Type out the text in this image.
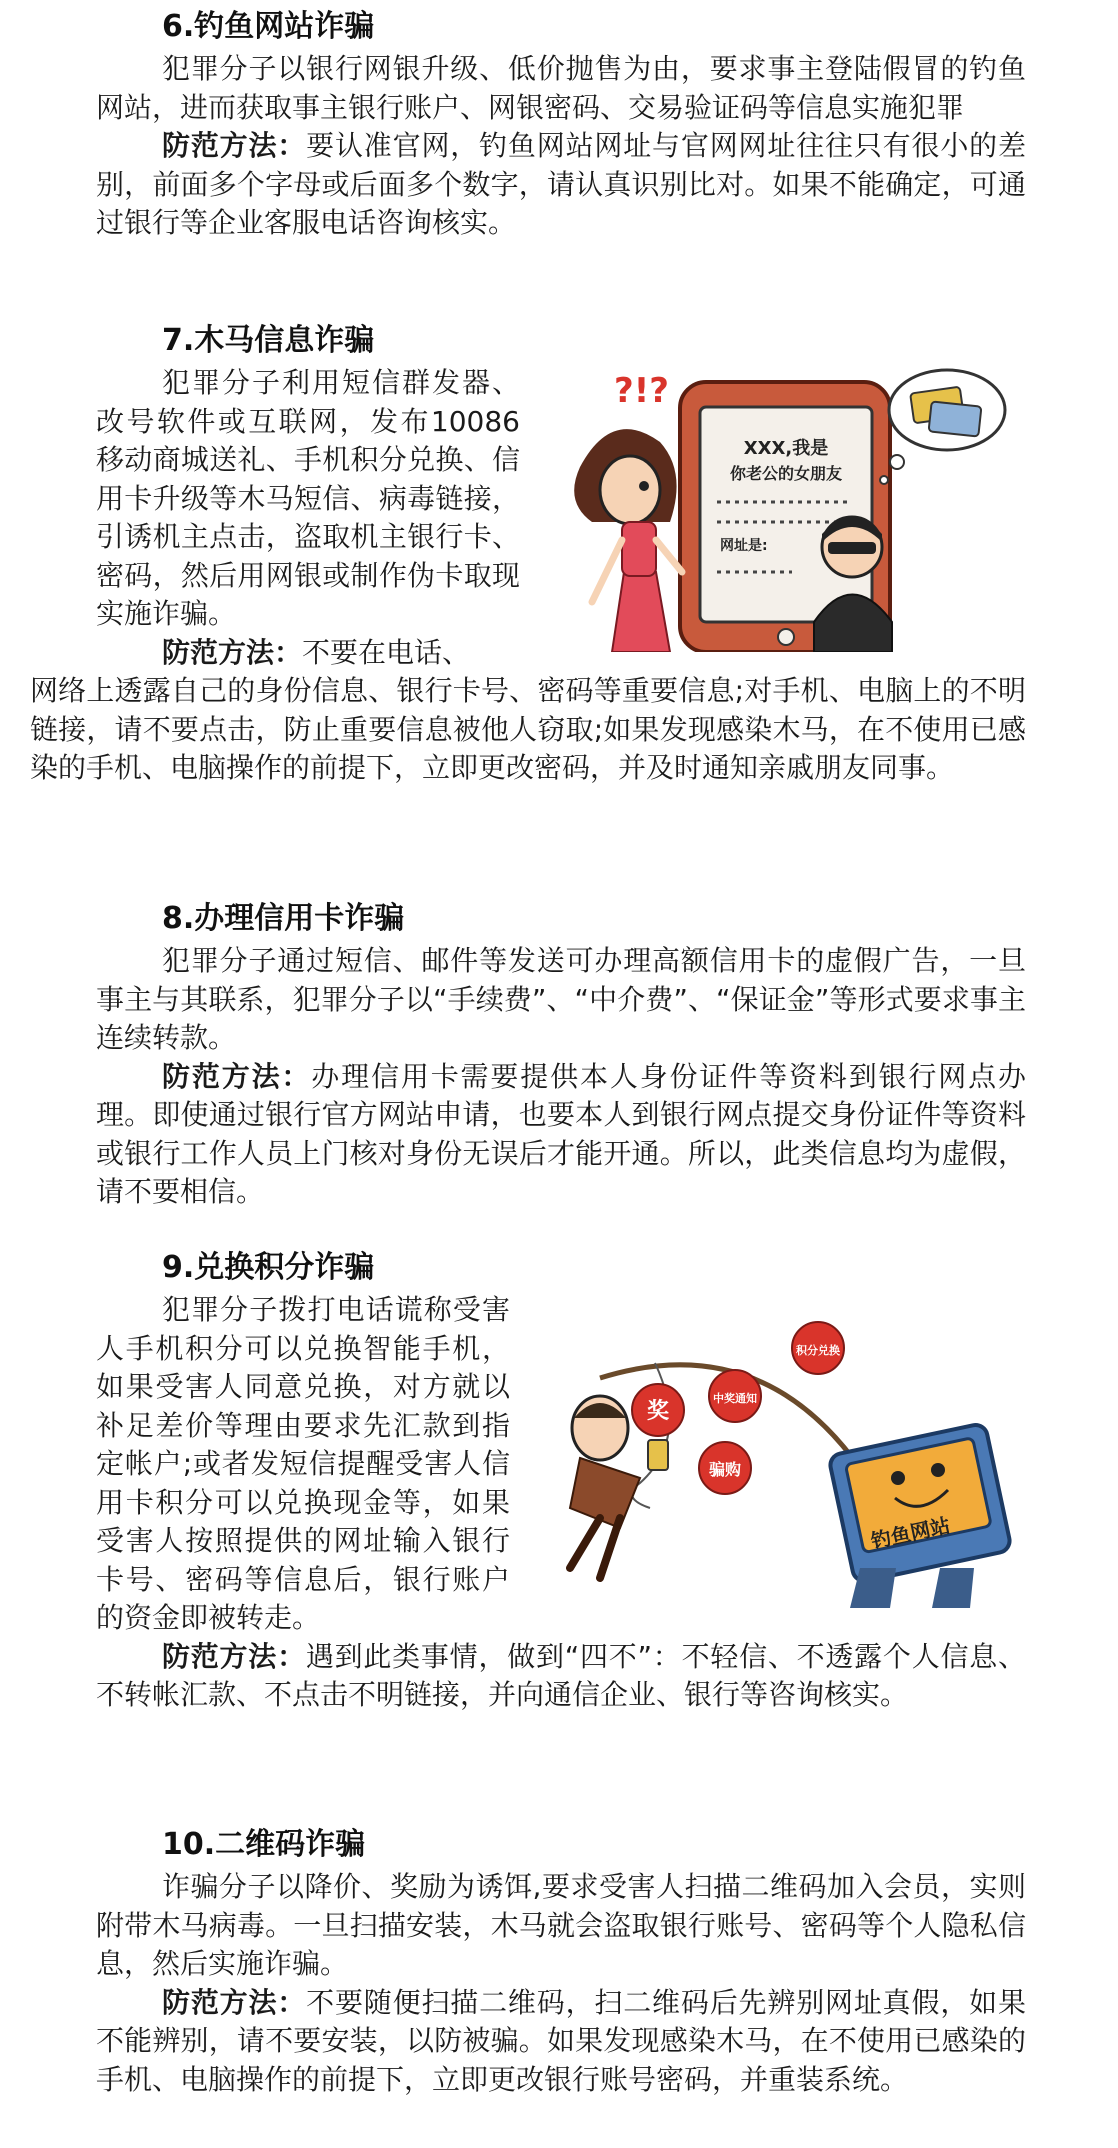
6.钓鱼网站诈骗

犯罪分子以银行网银升级、低价抛售为由，要求事主登陆假冒的钓鱼网站，进而获取事主银行账户、网银密码、交易验证码等信息实施犯罪

防范方法：要认准官网，钓鱼网站网址与官网网址往往只有很小的差别，前面多个字母或后面多个数字，请认真识别比对。如果不能确定，可通过银行等企业客服电话咨询核实。

7.木马信息诈骗

犯罪分子利用短信群发器、改号软件或互联网，发布10086移动商城送礼、手机积分兑换、信用卡升级等木马短信、病毒链接，引诱机主点击，盗取机主银行卡、密码，然后用网银或制作伪卡取现实施诈骗。

防范方法：不要在电话、
网络上透露自己的身份信息、银行卡号、密码等重要信息;对手机、电脑上的不明链接，请不要点击，防止重要信息被他人窃取;如果发现感染木马，在不使用已感染的手机、电脑操作的前提下，立即更改密码，并及时通知亲戚朋友同事。

XXX,我是
你老公的女朋友
网址是:
?!?
8.办理信用卡诈骗

犯罪分子通过短信、邮件等发送可办理高额信用卡的虚假广告，一旦事主与其联系，犯罪分子以“手续费”、“中介费”、“保证金”等形式要求事主连续转款。

防范方法：办理信用卡需要提供本人身份证件等资料到银行网点办理。即使通过银行官方网站申请，也要本人到银行网点提交身份证件等资料或银行工作人员上门核对身份无误后才能开通。所以，此类信息均为虚假，请不要相信。

9.兑换积分诈骗

犯罪分子拨打电话谎称受害人手机积分可以兑换智能手机，如果受害人同意兑换，对方就以补足差价等理由要求先汇款到指定帐户;或者发短信提醒受害人信用卡积分可以兑换现金等，如果受害人按照提供的网址输入银行卡号、密码等信息后，银行账户的资金即被转走。

防范方法：遇到此类事情，做到“四不”：不轻信、不透露个人信息、不转帐汇款、不点击不明链接，并向通信企业、银行等咨询核实。

钓鱼网站
奖
中奖通知
骗购
积分兑换
10.二维码诈骗

诈骗分子以降价、奖励为诱饵,要求受害人扫描二维码加入会员，实则附带木马病毒。一旦扫描安装，木马就会盗取银行账号、密码等个人隐私信息，然后实施诈骗。

防范方法：不要随便扫描二维码，扫二维码后先辨别网址真假，如果不能辨别，请不要安装，以防被骗。如果发现感染木马，在不使用已感染的手机、电脑操作的前提下，立即更改银行账号密码，并重装系统。
